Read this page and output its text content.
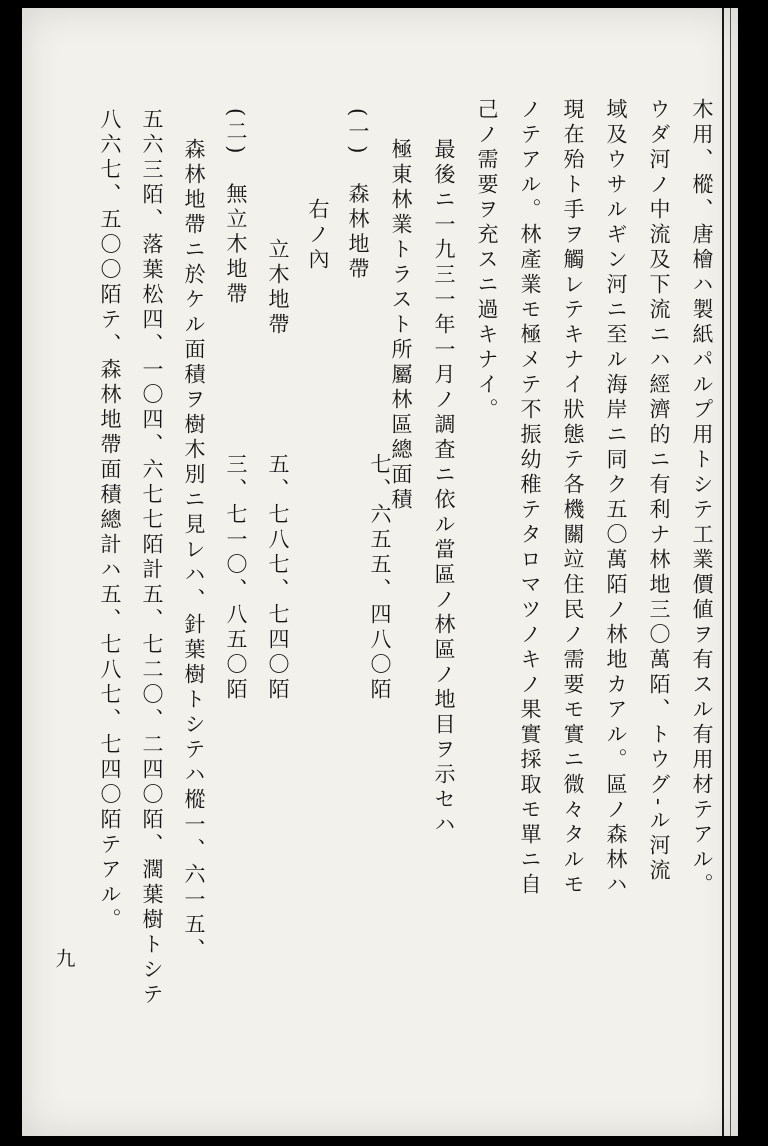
木用、樅、唐檜ハ製紙パルプ用トシテ工業價値ヲ有スル有用材テアル。
ウダ河ノ中流及下流ニハ經濟的ニ有利ナ林地三〇萬陌、トウグ-ル河流
域及ウサルギン河ニ至ル海岸ニ同ク五〇萬陌ノ林地カアル。區ノ森林ハ
現在殆ト手ヲ觸レテキナイ狀態テ各機關竝住民ノ需要モ實ニ微々タルモ
ノテアル。林產業モ極メテ不振幼稚テタロマツノキノ果實採取モ單ニ自
己ノ需要ヲ充スニ過キナイ。
最後ニ一九三一年一月ノ調査ニ依ル當區ノ林區ノ地目ヲ示セハ
極東林業トラスト所屬林區總面積
七、六五五、四八〇陌
(一)　森林地帶
右ノ內
立木地帶
五、七八七、七四〇陌
(二)　無立木地帶
三、七一〇、八五〇陌
森林地帶ニ於ケル面積ヲ樹木別ニ見レハ、針葉樹トシテハ樅一、六一五、
五六三陌、落葉松四、一〇四、六七七陌計五、七二〇、二四〇陌、濶葉樹トシテ
八六七、五〇〇陌テ、森林地帶面積總計ハ五、七八七、七四〇陌テアル。
九
